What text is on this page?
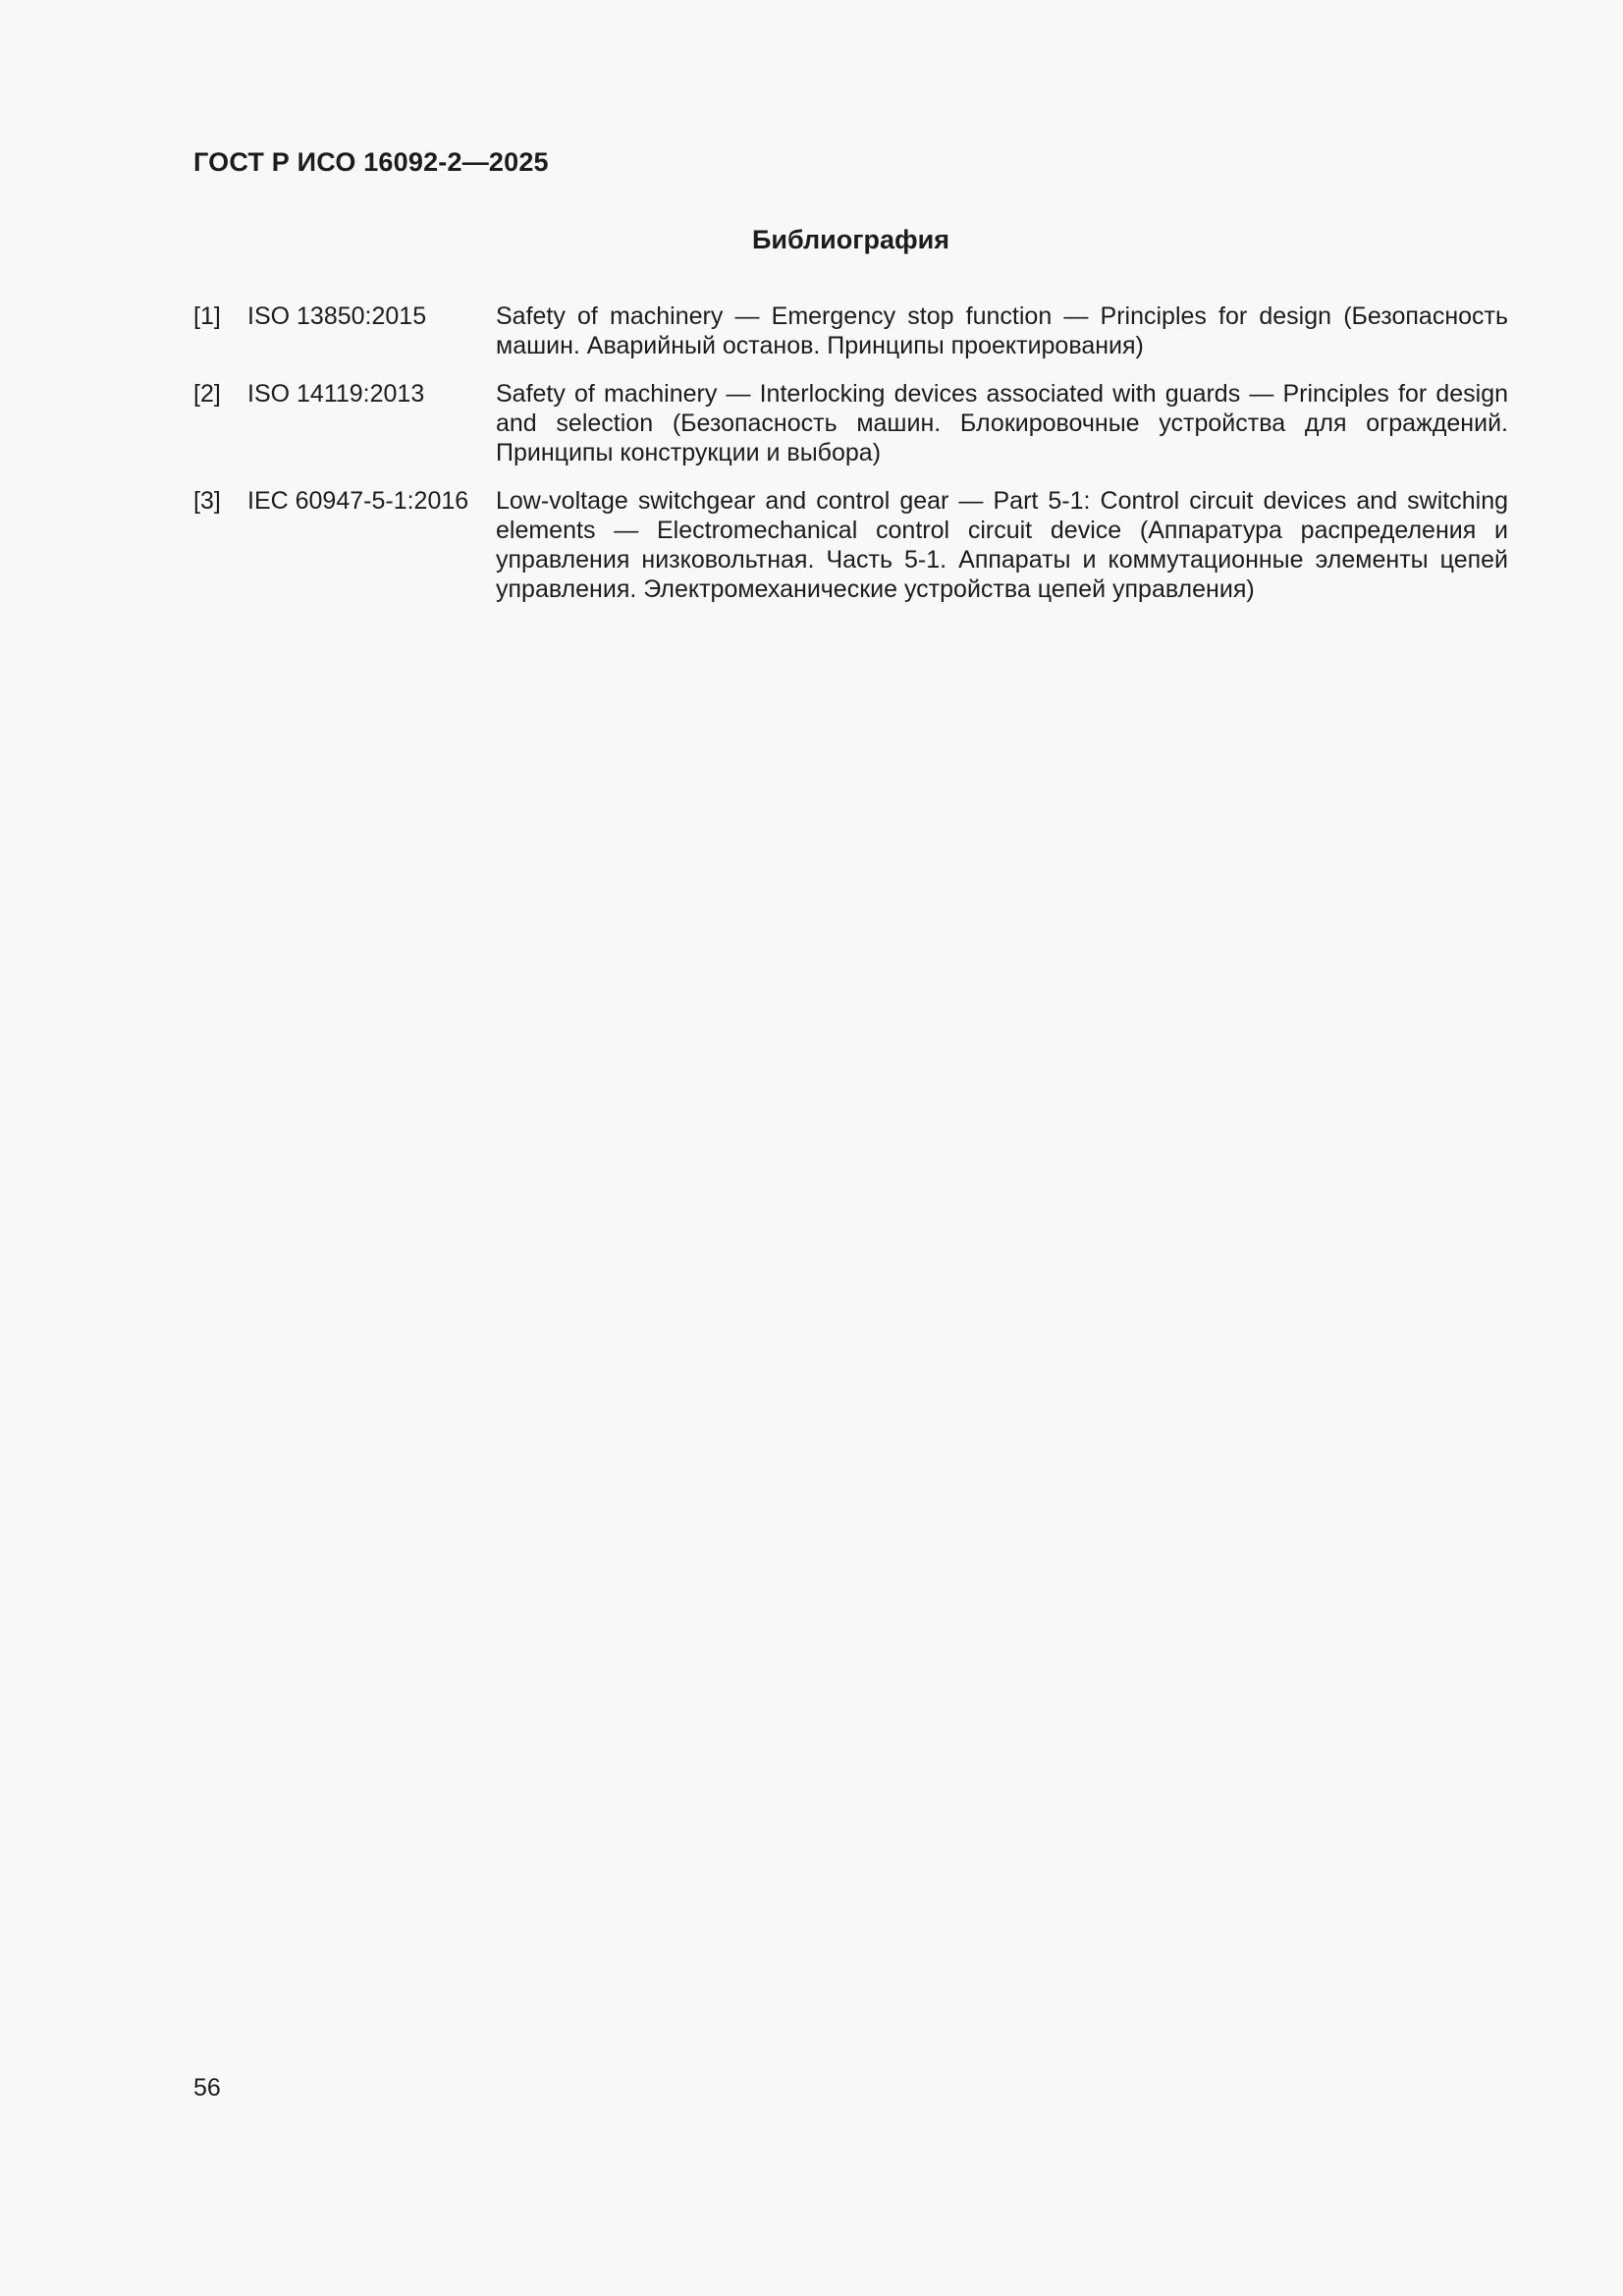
ГОСТ Р ИСО 16092-2—2025
Библиография
[1]	ISO 13850:2015	Safety of machinery — Emergency stop function — Principles for design (Безопасность машин. Аварийный останов. Принципы проектирования)
[2]	ISO 14119:2013	Safety of machinery — Interlocking devices associated with guards — Principles for design and selection (Безопасность машин. Блокировочные устройства для ограждений. Принципы конструкции и выбора)
[3]	IEC 60947-5-1:2016	Low-voltage switchgear and control gear — Part 5-1: Control circuit devices and switching elements — Electromechanical control circuit device (Аппаратура распределения и управления низковольтная. Часть 5-1. Аппараты и коммутационные элементы цепей управления. Электромеханические устройства цепей управления)
56
